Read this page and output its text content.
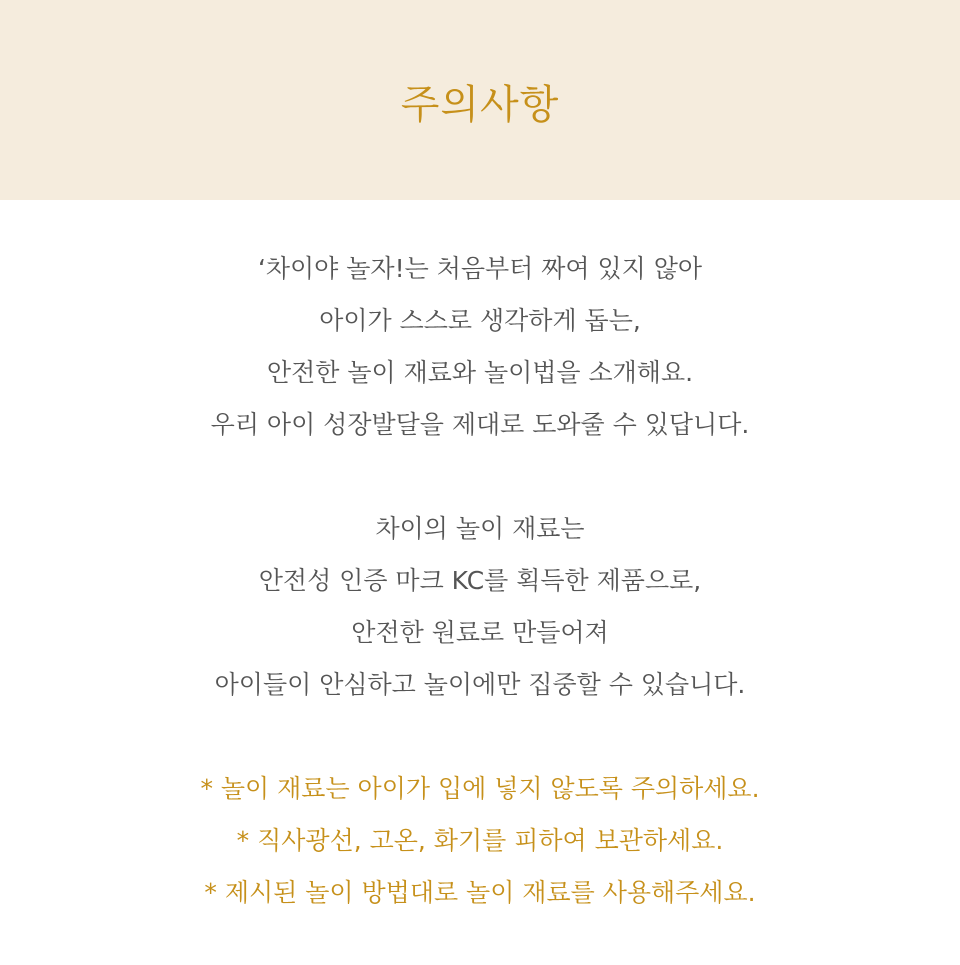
주의사항
‘차이야 놀자!는 처음부터 짜여 있지 않아
아이가 스스로 생각하게 돕는,
안전한 놀이 재료와 놀이법을 소개해요.
우리 아이 성장발달을 제대로 도와줄 수 있답니다.
차이의 놀이 재료는
안전성 인증 마크 KC를 획득한 제품으로,
안전한 원료로 만들어져
아이들이 안심하고 놀이에만 집중할 수 있습니다.
* 놀이 재료는 아이가 입에 넣지 않도록 주의하세요.
* 직사광선, 고온, 화기를 피하여 보관하세요.
* 제시된 놀이 방법대로 놀이 재료를 사용해주세요.
